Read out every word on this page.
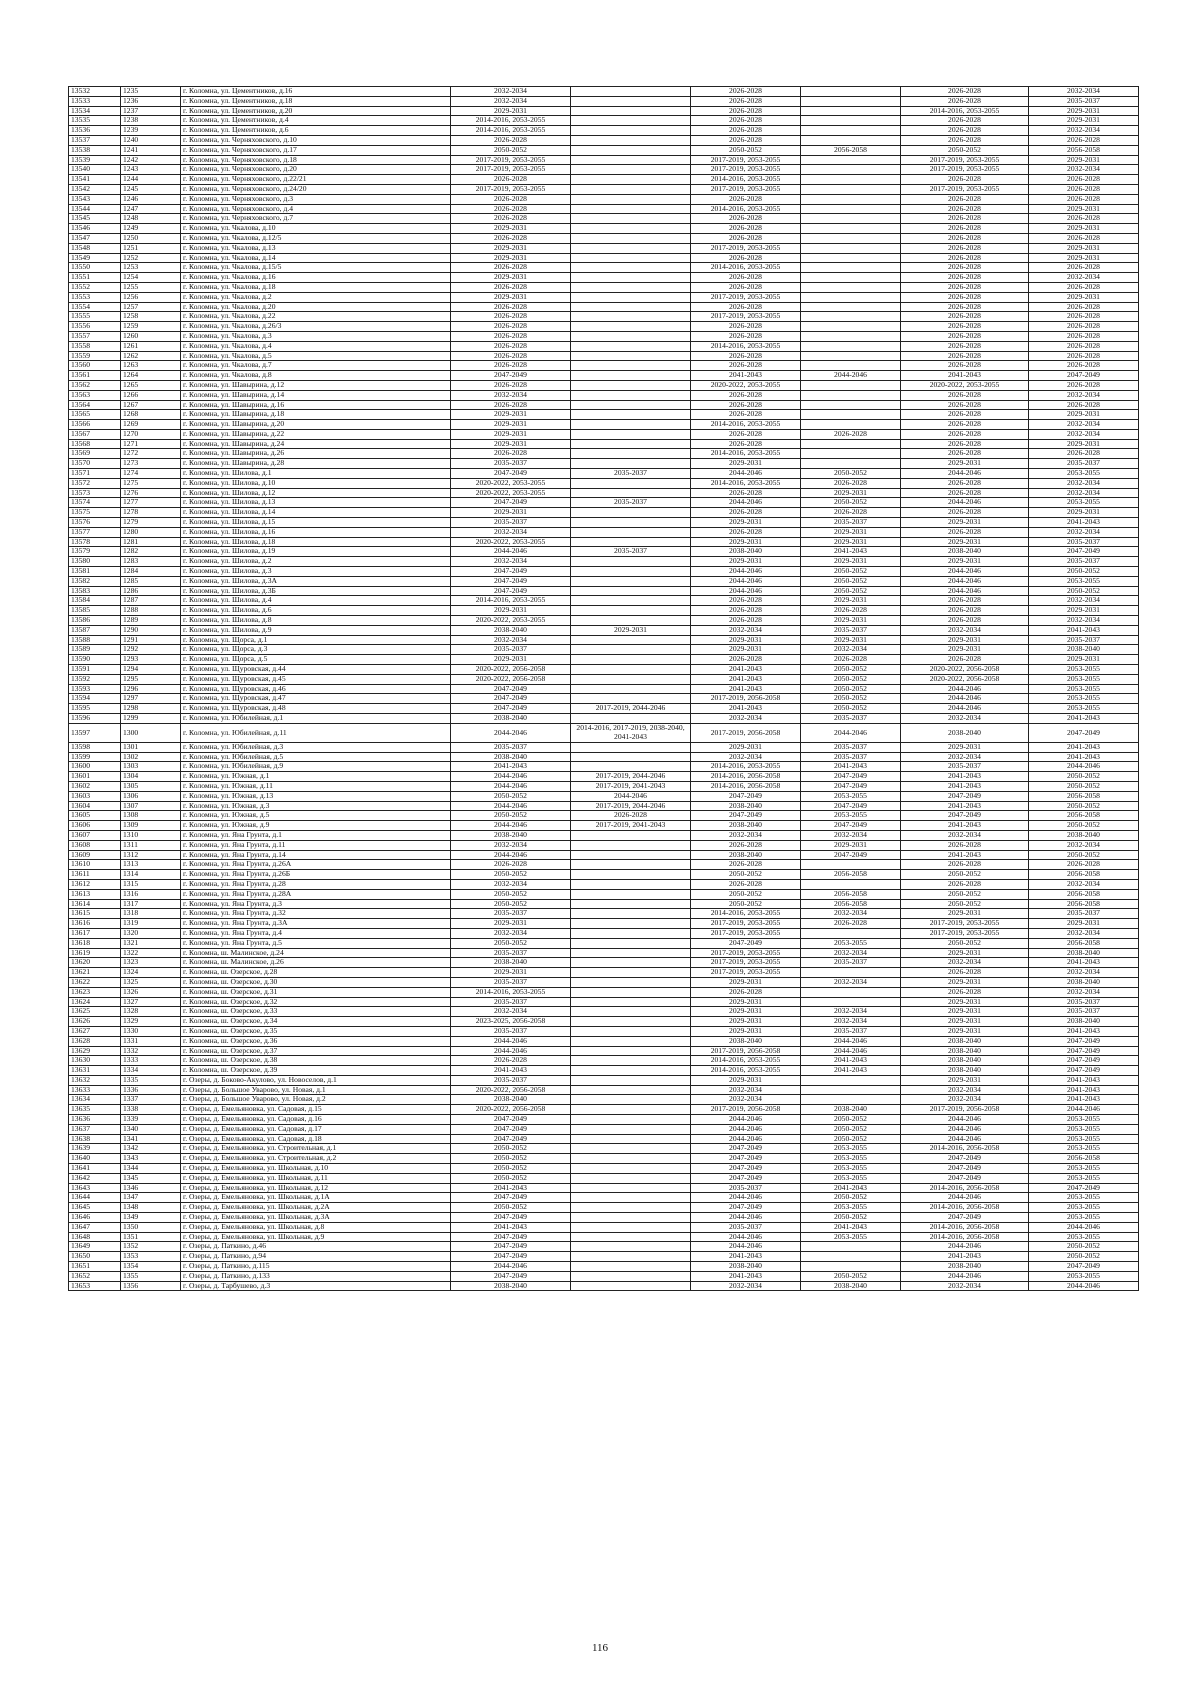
13532	1235	г. Коломна, ул. Цементников, д.16	2032-2034		2026-2028		2026-2028	2032-2034
13533	1236	г. Коломна, ул. Цементников, д.18	2032-2034		2026-2028		2026-2028	2035-2037
13534	1237	г. Коломна, ул. Цементников, д.20	2029-2031		2026-2028		2014-2016, 2053-2055	2029-2031
13535	1238	г. Коломна, ул. Цементников, д.4	2014-2016, 2053-2055		2026-2028		2026-2028	2029-2031
13536	1239	г. Коломна, ул. Цементников, д.6	2014-2016, 2053-2055		2026-2028		2026-2028	2032-2034
13537	1240	г. Коломна, ул. Черняховского, д.10	2026-2028		2026-2028		2026-2028	2026-2028
13538	1241	г. Коломна, ул. Черняховского, д.17	2050-2052		2050-2052	2056-2058	2050-2052	2056-2058
13539	1242	г. Коломна, ул. Черняховского, д.18	2017-2019, 2053-2055		2017-2019, 2053-2055		2017-2019, 2053-2055	2029-2031
13540	1243	г. Коломна, ул. Черняховского, д.20	2017-2019, 2053-2055		2017-2019, 2053-2055		2017-2019, 2053-2055	2032-2034
13541	1244	г. Коломна, ул. Черняховского, д.22/21	2026-2028		2014-2016, 2053-2055		2026-2028	2026-2028
13542	1245	г. Коломна, ул. Черняховского, д.24/20	2017-2019, 2053-2055		2017-2019, 2053-2055		2017-2019, 2053-2055	2026-2028
13543	1246	г. Коломна, ул. Черняховского, д.3	2026-2028		2026-2028		2026-2028	2026-2028
13544	1247	г. Коломна, ул. Черняховского, д.4	2026-2028		2014-2016, 2053-2055		2026-2028	2029-2031
13545	1248	г. Коломна, ул. Черняховского, д.7	2026-2028		2026-2028		2026-2028	2026-2028
13546	1249	г. Коломна, ул. Чкалова, д.10	2029-2031		2026-2028		2026-2028	2029-2031
13547	1250	г. Коломна, ул. Чкалова, д.12/5	2026-2028		2026-2028		2026-2028	2026-2028
13548	1251	г. Коломна, ул. Чкалова, д.13	2029-2031		2017-2019, 2053-2055		2026-2028	2029-2031
13549	1252	г. Коломна, ул. Чкалова, д.14	2029-2031		2026-2028		2026-2028	2029-2031
13550	1253	г. Коломна, ул. Чкалова, д.15/5	2026-2028		2014-2016, 2053-2055		2026-2028	2026-2028
13551	1254	г. Коломна, ул. Чкалова, д.16	2029-2031		2026-2028		2026-2028	2032-2034
13552	1255	г. Коломна, ул. Чкалова, д.18	2026-2028		2026-2028		2026-2028	2026-2028
13553	1256	г. Коломна, ул. Чкалова, д.2	2029-2031		2017-2019, 2053-2055		2026-2028	2029-2031
13554	1257	г. Коломна, ул. Чкалова, д.20	2026-2028		2026-2028		2026-2028	2026-2028
13555	1258	г. Коломна, ул. Чкалова, д.22	2026-2028		2017-2019, 2053-2055		2026-2028	2026-2028
13556	1259	г. Коломна, ул. Чкалова, д.26/3	2026-2028		2026-2028		2026-2028	2026-2028
13557	1260	г. Коломна, ул. Чкалова, д.3	2026-2028		2026-2028		2026-2028	2026-2028
13558	1261	г. Коломна, ул. Чкалова, д.4	2026-2028		2014-2016, 2053-2055		2026-2028	2026-2028
13559	1262	г. Коломна, ул. Чкалова, д.5	2026-2028		2026-2028		2026-2028	2026-2028
13560	1263	г. Коломна, ул. Чкалова, д.7	2026-2028		2026-2028		2026-2028	2026-2028
13561	1264	г. Коломна, ул. Чкалова, д.8	2047-2049		2041-2043	2044-2046	2041-2043	2047-2049
13562	1265	г. Коломна, ул. Шавырина, д.12	2026-2028		2020-2022, 2053-2055		2020-2022, 2053-2055	2026-2028
13563	1266	г. Коломна, ул. Шавырина, д.14	2032-2034		2026-2028		2026-2028	2032-2034
13564	1267	г. Коломна, ул. Шавырина, д.16	2026-2028		2026-2028		2026-2028	2026-2028
13565	1268	г. Коломна, ул. Шавырина, д.18	2029-2031		2026-2028		2026-2028	2029-2031
13566	1269	г. Коломна, ул. Шавырина, д.20	2029-2031		2014-2016, 2053-2055		2026-2028	2032-2034
13567	1270	г. Коломна, ул. Шавырина, д.22	2029-2031		2026-2028	2026-2028	2026-2028	2032-2034
13568	1271	г. Коломна, ул. Шавырина, д.24	2029-2031		2026-2028		2026-2028	2029-2031
13569	1272	г. Коломна, ул. Шавырина, д.26	2026-2028		2014-2016, 2053-2055		2026-2028	2026-2028
13570	1273	г. Коломна, ул. Шавырина, д.28	2035-2037		2029-2031		2029-2031	2035-2037
13571	1274	г. Коломна, ул. Шилова, д.1	2047-2049	2035-2037	2044-2046	2050-2052	2044-2046	2053-2055
13572	1275	г. Коломна, ул. Шилова, д.10	2020-2022, 2053-2055		2014-2016, 2053-2055	2026-2028	2026-2028	2032-2034
13573	1276	г. Коломна, ул. Шилова, д.12	2020-2022, 2053-2055		2026-2028	2029-2031	2026-2028	2032-2034
13574	1277	г. Коломна, ул. Шилова, д.13	2047-2049	2035-2037	2044-2046	2050-2052	2044-2046	2053-2055
13575	1278	г. Коломна, ул. Шилова, д.14	2029-2031		2026-2028	2026-2028	2026-2028	2029-2031
13576	1279	г. Коломна, ул. Шилова, д.15	2035-2037		2029-2031	2035-2037	2029-2031	2041-2043
13577	1280	г. Коломна, ул. Шилова, д.16	2032-2034		2026-2028	2029-2031	2026-2028	2032-2034
13578	1281	г. Коломна, ул. Шилова, д.18	2020-2022, 2053-2055		2029-2031	2029-2031	2029-2031	2035-2037
13579	1282	г. Коломна, ул. Шилова, д.19	2044-2046	2035-2037	2038-2040	2041-2043	2038-2040	2047-2049
13580	1283	г. Коломна, ул. Шилова, д.2	2032-2034		2029-2031	2029-2031	2029-2031	2035-2037
13581	1284	г. Коломна, ул. Шилова, д.3	2047-2049		2044-2046	2050-2052	2044-2046	2050-2052
13582	1285	г. Коломна, ул. Шилова, д.3А	2047-2049		2044-2046	2050-2052	2044-2046	2053-2055
13583	1286	г. Коломна, ул. Шилова, д.3Б	2047-2049		2044-2046	2050-2052	2044-2046	2050-2052
13584	1287	г. Коломна, ул. Шилова, д.4	2014-2016, 2053-2055		2026-2028	2029-2031	2026-2028	2032-2034
13585	1288	г. Коломна, ул. Шилова, д.6	2029-2031		2026-2028	2026-2028	2026-2028	2029-2031
13586	1289	г. Коломна, ул. Шилова, д.8	2020-2022, 2053-2055		2026-2028	2029-2031	2026-2028	2032-2034
13587	1290	г. Коломна, ул. Шилова, д.9	2038-2040	2029-2031	2032-2034	2035-2037	2032-2034	2041-2043
13588	1291	г. Коломна, ул. Щорса, д.1	2032-2034		2029-2031	2029-2031	2029-2031	2035-2037
13589	1292	г. Коломна, ул. Щорса, д.3	2035-2037		2029-2031	2032-2034	2029-2031	2038-2040
13590	1293	г. Коломна, ул. Щорса, д.5	2029-2031		2026-2028	2026-2028	2026-2028	2029-2031
13591	1294	г. Коломна, ул. Щуровская, д.44	2020-2022, 2056-2058		2041-2043	2050-2052	2020-2022, 2056-2058	2053-2055
13592	1295	г. Коломна, ул. Щуровская, д.45	2020-2022, 2056-2058		2041-2043	2050-2052	2020-2022, 2056-2058	2053-2055
13593	1296	г. Коломна, ул. Щуровская, д.46	2047-2049		2041-2043	2050-2052	2044-2046	2053-2055
13594	1297	г. Коломна, ул. Щуровская, д.47	2047-2049		2017-2019, 2056-2058	2050-2052	2044-2046	2053-2055
13595	1298	г. Коломна, ул. Щуровская, д.48	2047-2049	2017-2019, 2044-2046	2041-2043	2050-2052	2044-2046	2053-2055
13596	1299	г. Коломна, ул. Юбилейная, д.1	2038-2040		2032-2034	2035-2037	2032-2034	2041-2043
13597	1300	г. Коломна, ул. Юбилейная, д.11	2044-2046	2014-2016, 2017-2019, 2038-2040, 2041-2043	2017-2019, 2056-2058	2044-2046	2038-2040	2047-2049
13598	1301	г. Коломна, ул. Юбилейная, д.3	2035-2037		2029-2031	2035-2037	2029-2031	2041-2043
13599	1302	г. Коломна, ул. Юбилейная, д.5	2038-2040		2032-2034	2035-2037	2032-2034	2041-2043
13600	1303	г. Коломна, ул. Юбилейная, д.9	2041-2043		2014-2016, 2053-2055	2041-2043	2035-2037	2044-2046
13601	1304	г. Коломна, ул. Южная, д.1	2044-2046	2017-2019, 2044-2046	2014-2016, 2056-2058	2047-2049	2041-2043	2050-2052
13602	1305	г. Коломна, ул. Южная, д.11	2044-2046	2017-2019, 2041-2043	2014-2016, 2056-2058	2047-2049	2041-2043	2050-2052
13603	1306	г. Коломна, ул. Южная, д.13	2050-2052	2044-2046	2047-2049	2053-2055	2047-2049	2056-2058
13604	1307	г. Коломна, ул. Южная, д.3	2044-2046	2017-2019, 2044-2046	2038-2040	2047-2049	2041-2043	2050-2052
13605	1308	г. Коломна, ул. Южная, д.5	2050-2052	2026-2028	2047-2049	2053-2055	2047-2049	2056-2058
13606	1309	г. Коломна, ул. Южная, д.9	2044-2046	2017-2019, 2041-2043	2038-2040	2047-2049	2041-2043	2050-2052
13607	1310	г. Коломна, ул. Яна Грунта, д.1	2038-2040		2032-2034	2032-2034	2032-2034	2038-2040
13608	1311	г. Коломна, ул. Яна Грунта, д.11	2032-2034		2026-2028	2029-2031	2026-2028	2032-2034
13609	1312	г. Коломна, ул. Яна Грунта, д.14	2044-2046		2038-2040	2047-2049	2041-2043	2050-2052
13610	1313	г. Коломна, ул. Яна Грунта, д.26А	2026-2028		2026-2028		2026-2028	2026-2028
13611	1314	г. Коломна, ул. Яна Грунта, д.26Б	2050-2052		2050-2052	2056-2058	2050-2052	2056-2058
13612	1315	г. Коломна, ул. Яна Грунта, д.28	2032-2034		2026-2028		2026-2028	2032-2034
13613	1316	г. Коломна, ул. Яна Грунта, д.28А	2050-2052		2050-2052	2056-2058	2050-2052	2056-2058
13614	1317	г. Коломна, ул. Яна Грунта, д.3	2050-2052		2050-2052	2056-2058	2050-2052	2056-2058
13615	1318	г. Коломна, ул. Яна Грунта, д.32	2035-2037		2014-2016, 2053-2055	2032-2034	2029-2031	2035-2037
13616	1319	г. Коломна, ул. Яна Грунта, д.3А	2029-2031		2017-2019, 2053-2055	2026-2028	2017-2019, 2053-2055	2029-2031
13617	1320	г. Коломна, ул. Яна Грунта, д.4	2032-2034		2017-2019, 2053-2055		2017-2019, 2053-2055	2032-2034
13618	1321	г. Коломна, ул. Яна Грунта, д.5	2050-2052		2047-2049	2053-2055	2050-2052	2056-2058
13619	1322	г. Коломна, ш. Малинское, д.24	2035-2037		2017-2019, 2053-2055	2032-2034	2029-2031	2038-2040
13620	1323	г. Коломна, ш. Малинское, д.26	2038-2040		2017-2019, 2053-2055	2035-2037	2032-2034	2041-2043
13621	1324	г. Коломна, ш. Озерское, д.28	2029-2031		2017-2019, 2053-2055		2026-2028	2032-2034
13622	1325	г. Коломна, ш. Озерское, д.30	2035-2037		2029-2031	2032-2034	2029-2031	2038-2040
13623	1326	г. Коломна, ш. Озерское, д.31	2014-2016, 2053-2055		2026-2028		2026-2028	2032-2034
13624	1327	г. Коломна, ш. Озерское, д.32	2035-2037		2029-2031		2029-2031	2035-2037
13625	1328	г. Коломна, ш. Озерское, д.33	2032-2034		2029-2031	2032-2034	2029-2031	2035-2037
13626	1329	г. Коломна, ш. Озерское, д.34	2023-2025, 2056-2058		2029-2031	2032-2034	2029-2031	2038-2040
13627	1330	г. Коломна, ш. Озерское, д.35	2035-2037		2029-2031	2035-2037	2029-2031	2041-2043
13628	1331	г. Коломна, ш. Озерское, д.36	2044-2046		2038-2040	2044-2046	2038-2040	2047-2049
13629	1332	г. Коломна, ш. Озерское, д.37	2044-2046		2017-2019, 2056-2058	2044-2046	2038-2040	2047-2049
13630	1333	г. Коломна, ш. Озерское, д.38	2026-2028		2014-2016, 2053-2055	2041-2043	2038-2040	2047-2049
13631	1334	г. Коломна, ш. Озерское, д.39	2041-2043		2014-2016, 2053-2055	2041-2043	2038-2040	2047-2049
13632	1335	г. Озеры, д. Боково-Акулово, ул. Новоселов, д.1	2035-2037		2029-2031		2029-2031	2041-2043
13633	1336	г. Озеры, д. Большое Уварово, ул. Новая, д.1	2020-2022, 2056-2058		2032-2034		2032-2034	2041-2043
13634	1337	г. Озеры, д. Большое Уварово, ул. Новая, д.2	2038-2040		2032-2034		2032-2034	2041-2043
13635	1338	г. Озеры, д. Емельяновка, ул. Садовая, д.15	2020-2022, 2056-2058		2017-2019, 2056-2058	2038-2040	2017-2019, 2056-2058	2044-2046
13636	1339	г. Озеры, д. Емельяновка, ул. Садовая, д.16	2047-2049		2044-2046	2050-2052	2044-2046	2053-2055
13637	1340	г. Озеры, д. Емельяновка, ул. Садовая, д.17	2047-2049		2044-2046	2050-2052	2044-2046	2053-2055
13638	1341	г. Озеры, д. Емельяновка, ул. Садовая, д.18	2047-2049		2044-2046	2050-2052	2044-2046	2053-2055
13639	1342	г. Озеры, д. Емельяновка, ул. Строительная, д.1	2050-2052		2047-2049	2053-2055	2014-2016, 2056-2058	2053-2055
13640	1343	г. Озеры, д. Емельяновка, ул. Строительная, д.2	2050-2052		2047-2049	2053-2055	2047-2049	2056-2058
13641	1344	г. Озеры, д. Емельяновка, ул. Школьная, д.10	2050-2052		2047-2049	2053-2055	2047-2049	2053-2055
13642	1345	г. Озеры, д. Емельяновка, ул. Школьная, д.11	2050-2052		2047-2049	2053-2055	2047-2049	2053-2055
13643	1346	г. Озеры, д. Емельяновка, ул. Школьная, д.12	2041-2043		2035-2037	2041-2043	2014-2016, 2056-2058	2047-2049
13644	1347	г. Озеры, д. Емельяновка, ул. Школьная, д.1А	2047-2049		2044-2046	2050-2052	2044-2046	2053-2055
13645	1348	г. Озеры, д. Емельяновка, ул. Школьная, д.2А	2050-2052		2047-2049	2053-2055	2014-2016, 2056-2058	2053-2055
13646	1349	г. Озеры, д. Емельяновка, ул. Школьная, д.3А	2047-2049		2044-2046	2050-2052	2047-2049	2053-2055
13647	1350	г. Озеры, д. Емельяновка, ул. Школьная, д.8	2041-2043		2035-2037	2041-2043	2014-2016, 2056-2058	2044-2046
13648	1351	г. Озеры, д. Емельяновка, ул. Школьная, д.9	2047-2049		2044-2046	2053-2055	2014-2016, 2056-2058	2053-2055
13649	1352	г. Озеры, д. Паткино, д.46	2047-2049		2044-2046		2044-2046	2050-2052
13650	1353	г. Озеры, д. Паткино, д.94	2047-2049		2041-2043		2041-2043	2050-2052
13651	1354	г. Озеры, д. Паткино, д.115	2044-2046		2038-2040		2038-2040	2047-2049
13652	1355	г. Озеры, д. Паткино, д.133	2047-2049		2041-2043	2050-2052	2044-2046	2053-2055
13653	1356	г. Озеры, д. Тарбушево, д.3	2038-2040		2032-2034	2038-2040	2032-2034	2044-2046
116
